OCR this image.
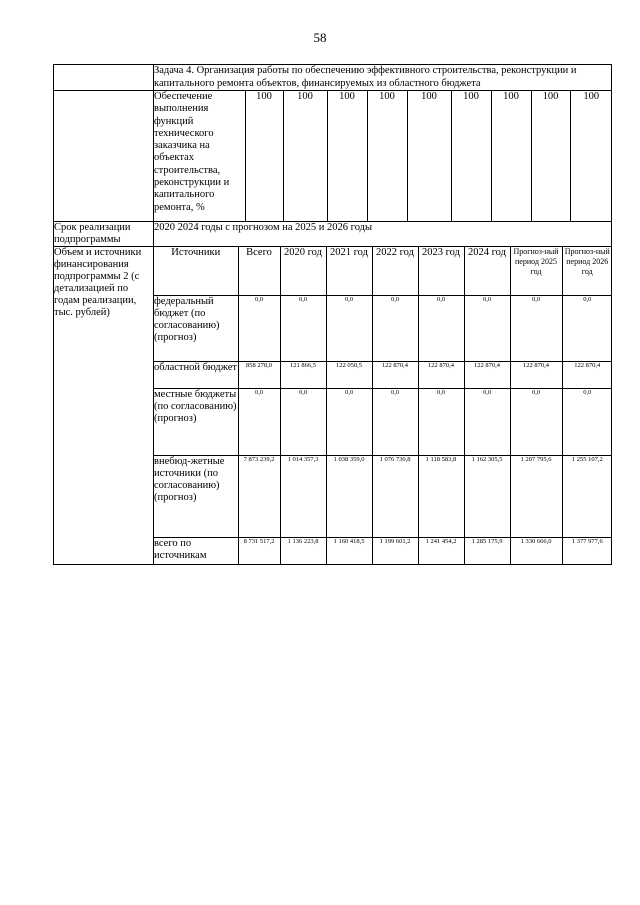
58
	Задача 4. Организация работы по обеспечению эффективного строительства, реконструкции и капитального ремонта объектов, финансируемых из областного бюджета

Обеспечение выполнения функций технического заказчика на объектах строительства, реконструкции и капитального ремонта, %	100	100	100	100	100	100	100	100	100

Срок реализации подпрограммы	2020 2024 годы с прогнозом на 2025 и 2026 годы
Объем и источники финансирования подпрограммы 2 (с детализацией по годам реализации, тыс. рублей)	
Источники	Всего	2020 год	2021 год	2022 год	2023 год	2024 год	Прогноз-ный период 2025 год	Прогноз-ный период 2026 год
федеральный бюджет (по согласованию) (прогноз)	0,0	0,0	0,0	0,0	0,0	0,0	0,0	0,0
областной бюджет	858 278,0	121 866,5	122 050,5	122 870,4	122 870,4	122 870,4	122 870,4	122 870,4
местные бюджеты (по согласованию) (прогноз)	0,0	0,0	0,0	0,0	0,0	0,0	0,0	0,0
внебюд-жетные источники (по согласованию) (прогноз)	7 873 239,2	1 014 357,3	1 038 359,0	1 076 730,8	1 118 583,8	1 162 305,5	1 207 795,6	1 255 107,2
всего по источникам	8 731 517,2	1 136 223,8	1 160 418,5	1 199 601,2	1 241 454,2	1 285 175,9	1 330 666,0	1 377 977,6
